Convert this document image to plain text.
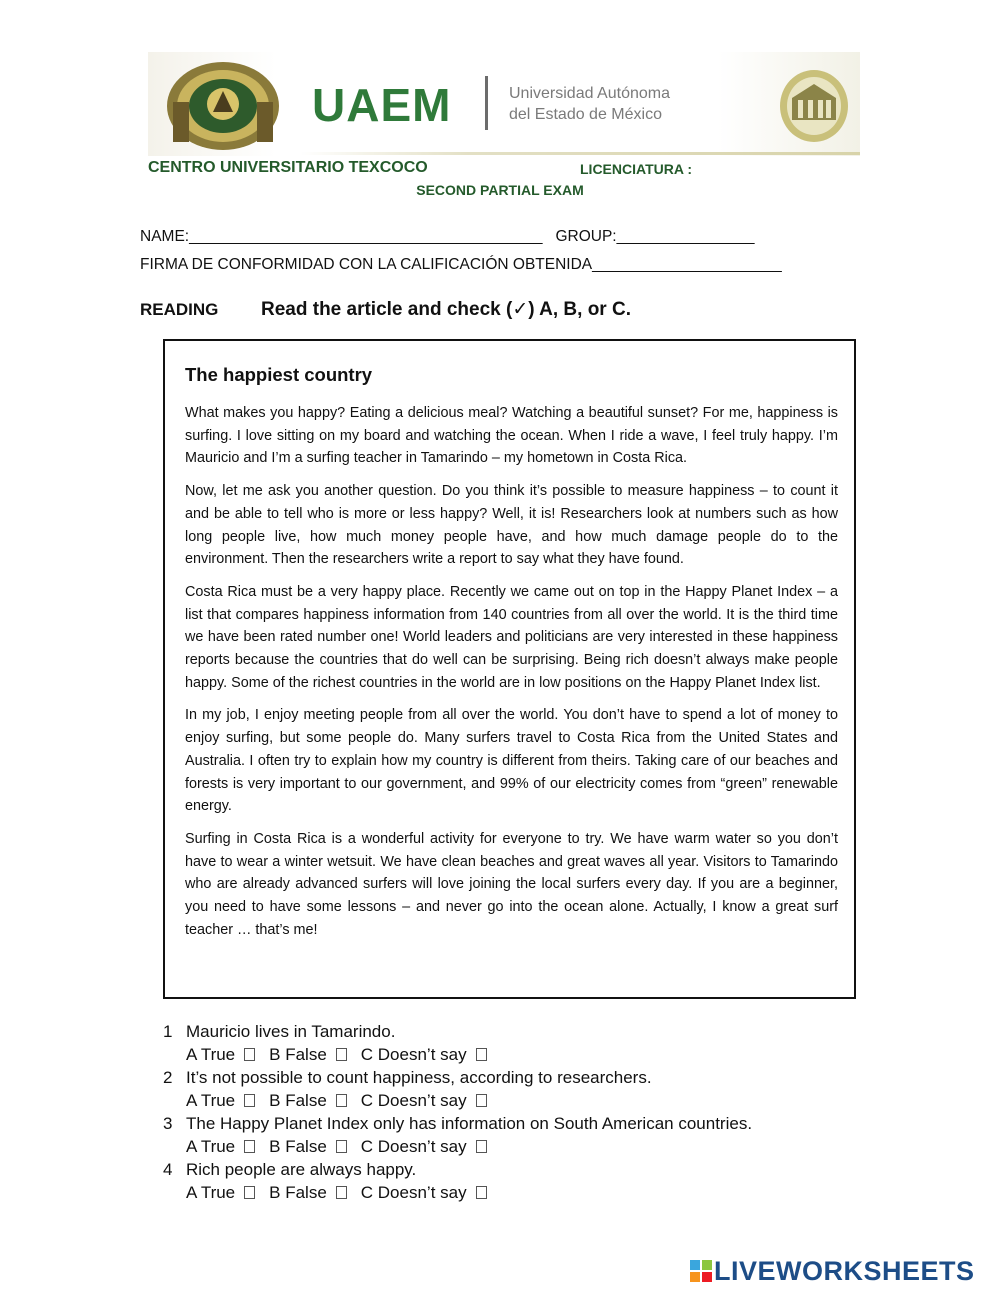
UAEM	Universidad Autónoma
del Estado de México
CENTRO UNIVERSITARIO TEXCOCO	LICENCIATURA :
SECOND PARTIAL EXAM
NAME:_________________________________________ GROUP:________________
FIRMA DE CONFORMIDAD CON LA CALIFICACIÓN OBTENIDA______________________
READING Read the article and check (✓) A, B, or C.
The happiest country

What makes you happy? Eating a delicious meal? Watching a beautiful sunset? For me, happiness is surfing. I love sitting on my board and watching the ocean. When I ride a wave, I feel truly happy. I’m Mauricio and I’m a surfing teacher in Tamarindo – my hometown in Costa Rica.

Now, let me ask you another question. Do you think it’s possible to measure happiness – to count it and be able to tell who is more or less happy? Well, it is! Researchers look at numbers such as how long people live, how much money people have, and how much damage people do to the environment. Then the researchers write a report to say what they have found.

Costa Rica must be a very happy place. Recently we came out on top in the Happy Planet Index – a list that compares happiness information from 140 countries from all over the world. It is the third time we have been rated number one! World leaders and politicians are very interested in these happiness reports because the countries that do well can be surprising. Being rich doesn’t always make people happy. Some of the richest countries in the world are in low positions on the Happy Planet Index list.

In my job, I enjoy meeting people from all over the world. You don’t have to spend a lot of money to enjoy surfing, but some people do. Many surfers travel to Costa Rica from the United States and Australia. I often try to explain how my country is different from theirs. Taking care of our beaches and forests is very important to our government, and 99% of our electricity comes from “green” renewable energy.

Surfing in Costa Rica is a wonderful activity for everyone to try. We have warm water so you don’t have to wear a winter wetsuit. We have clean beaches and great waves all year. Visitors to Tamarindo who are already advanced surfers will love joining the local surfers every day. If you are a beginner, you need to have some lessons – and never go into the ocean alone. Actually, I know a great surf teacher … that’s me!

1 Mauricio lives in Tamarindo.
A True B False C Doesn’t say
2 It’s not possible to count happiness, according to researchers.
A True B False C Doesn’t say
3 The Happy Planet Index only has information on South American countries.
A True B False C Doesn’t say
4 Rich people are always happy.
A True B False C Doesn’t say
LIVEWORKSHEETS
